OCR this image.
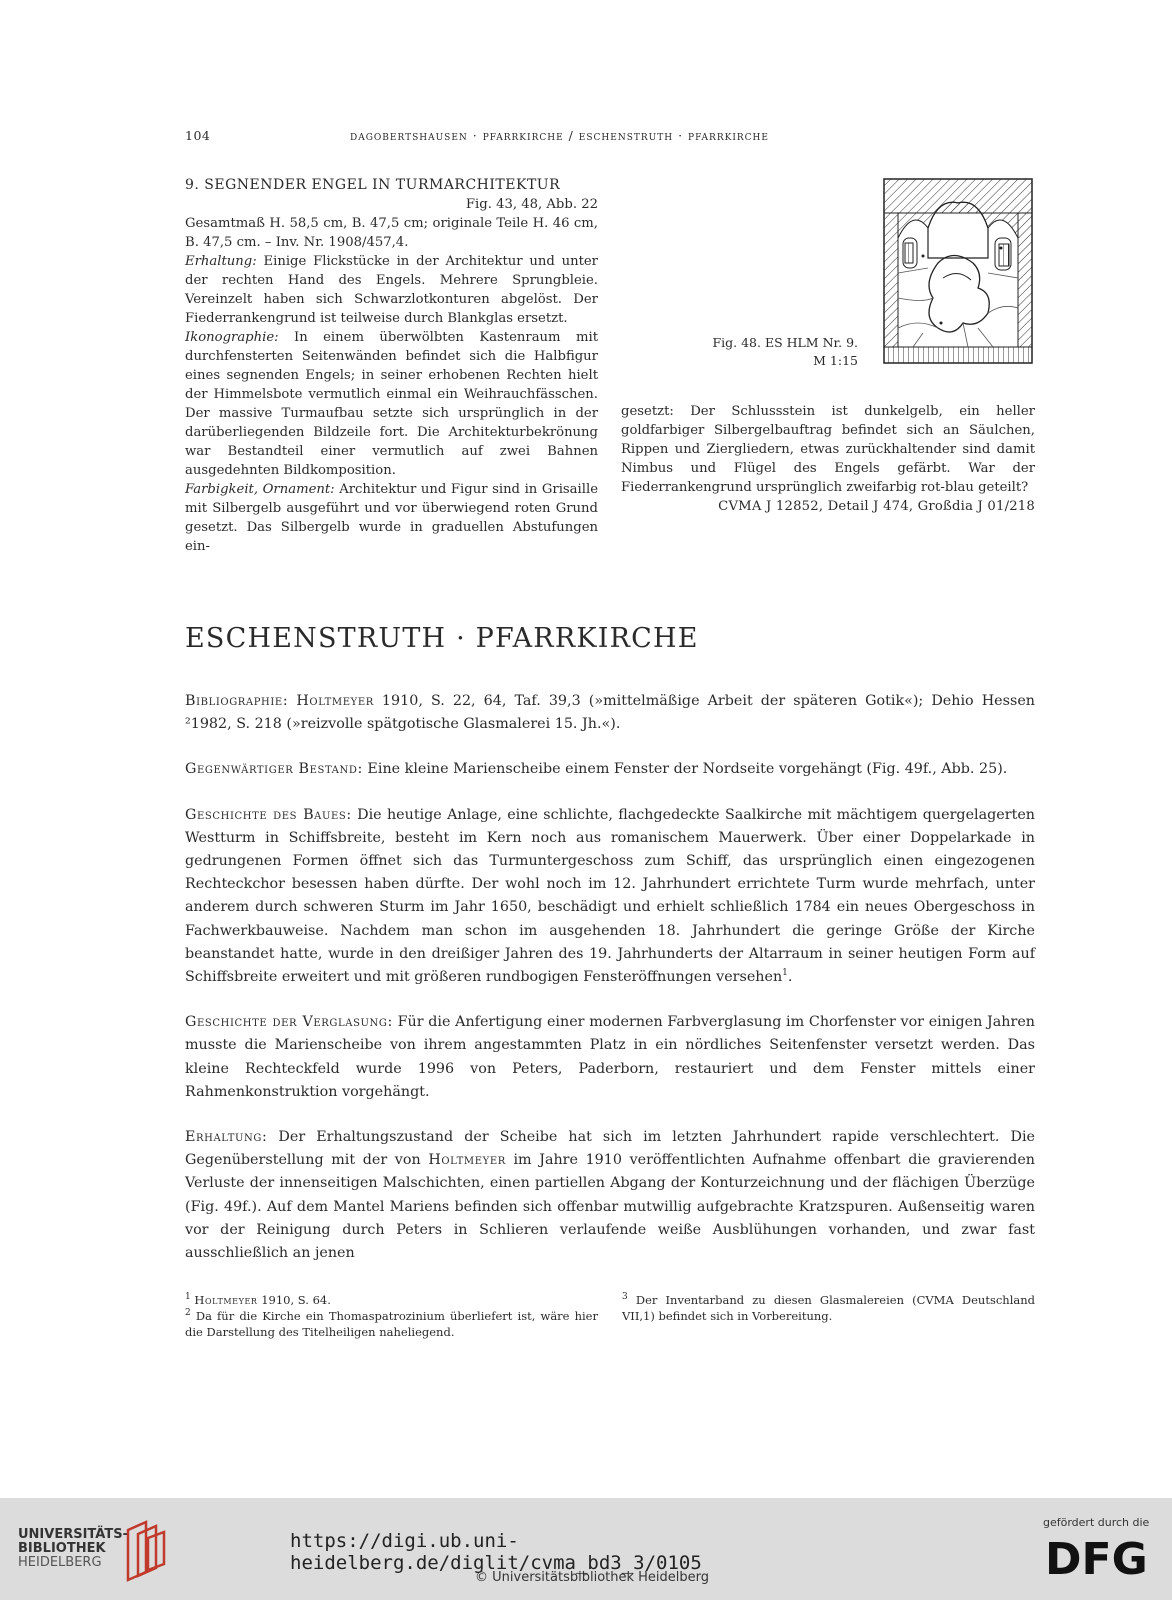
104	dagobertshausen · pfarrkirche / eschenstruth · pfarrkirche
9. SEGNENDER ENGEL IN TURMARCHITEKTUR
Fig. 43, 48, Abb. 22

Gesamtmaß H. 58,5 cm, B. 47,5 cm; originale Teile H. 46 cm, B. 47,5 cm. – Inv. Nr. 1908/457,4.

Erhaltung: Einige Flickstücke in der Architektur und unter der rechten Hand des Engels. Mehrere Sprungbleie. Vereinzelt haben sich Schwarzlotkonturen abgelöst. Der Fiederrankengrund ist teilweise durch Blankglas ersetzt.

Ikonographie: In einem überwölbten Kastenraum mit durchfensterten Seitenwänden befindet sich die Halbfigur eines segnenden Engels; in seiner erhobenen Rechten hielt der Himmelsbote vermutlich einmal ein Weihrauchfässchen. Der massive Turmaufbau setzte sich ursprünglich in der darüberliegenden Bildzeile fort. Die Architekturbekrönung war Bestandteil einer vermutlich auf zwei Bahnen ausgedehnten Bildkomposition.

Farbigkeit, Ornament: Architektur und Figur sind in Grisaille mit Silbergelb ausgeführt und vor überwiegend roten Grund gesetzt. Das Silbergelb wurde in graduellen Abstufungen ein-

Fig. 48. ES HLM Nr. 9.
M 1:15

gesetzt: Der Schlussstein ist dunkelgelb, ein heller goldfarbiger Silbergelbauftrag befindet sich an Säulchen, Rippen und Ziergliedern, etwas zurückhaltender sind damit Nimbus und Flügel des Engels gefärbt. War der Fiederrankengrund ursprünglich zweifarbig rot-blau geteilt?

CVMA J 12852, Detail J 474, Großdia J 01/218
ESCHENSTRUTH · PFARRKIRCHE

Bibliographie: Holtmeyer 1910, S. 22, 64, Taf. 39,3 (»mittelmäßige Arbeit der späteren Gotik«); Dehio Hessen ²1982, S. 218 (»reizvolle spätgotische Glasmalerei 15. Jh.«).

Gegenwärtiger Bestand: Eine kleine Marienscheibe einem Fenster der Nordseite vorgehängt (Fig. 49f., Abb. 25).

Geschichte des Baues: Die heutige Anlage, eine schlichte, flachgedeckte Saalkirche mit mächtigem quergelagerten Westturm in Schiffsbreite, besteht im Kern noch aus romanischem Mauerwerk. Über einer Doppelarkade in gedrungenen Formen öffnet sich das Turmuntergeschoss zum Schiff, das ursprünglich einen eingezogenen Rechteckchor besessen haben dürfte. Der wohl noch im 12. Jahrhundert errichtete Turm wurde mehrfach, unter anderem durch schweren Sturm im Jahr 1650, beschädigt und erhielt schließlich 1784 ein neues Obergeschoss in Fachwerkbauweise. Nachdem man schon im ausgehenden 18. Jahrhundert die geringe Größe der Kirche beanstandet hatte, wurde in den dreißiger Jahren des 19. Jahrhunderts der Altarraum in seiner heutigen Form auf Schiffsbreite erweitert und mit größeren rundbogigen Fensteröffnungen versehen$^1$.

Geschichte der Verglasung: Für die Anfertigung einer modernen Farbverglasung im Chorfenster vor einigen Jahren musste die Marienscheibe von ihrem angestammten Platz in ein nördliches Seitenfenster versetzt werden. Das kleine Rechteckfeld wurde 1996 von Peters, Paderborn, restauriert und dem Fenster mittels einer Rahmenkonstruktion vorgehängt.

Erhaltung: Der Erhaltungszustand der Scheibe hat sich im letzten Jahrhundert rapide verschlechtert. Die Gegenüberstellung mit der von Holtmeyer im Jahre 1910 veröffentlichten Aufnahme offenbart die gravierenden Verluste der innenseitigen Malschichten, einen partiellen Abgang der Konturzeichnung und der flächigen Überzüge (Fig. 49f.). Auf dem Mantel Mariens befinden sich offenbar mutwillig aufgebrachte Kratzspuren. Außenseitig waren vor der Reinigung durch Peters in Schlieren verlaufende weiße Ausblühungen vorhanden, und zwar fast ausschließlich an jenen

$^1$ Holtmeyer 1910, S. 64.
$^2$ Da für die Kirche ein Thomaspatrozinium überliefert ist, wäre hier die Darstellung des Titelheiligen naheliegend.
$^3$ Der Inventarband zu diesen Glasmalereien (CVMA Deutschland VII,1) befindet sich in Vorbereitung.
UNIVERSITÄTS-
BIBLIOTHEK
HEIDELBERG
https://digi.ub.uni-heidelberg.de/diglit/cvma_bd3_3/0105
© Universitätsbibliothek Heidelberg
gefördert durch die
DFG
